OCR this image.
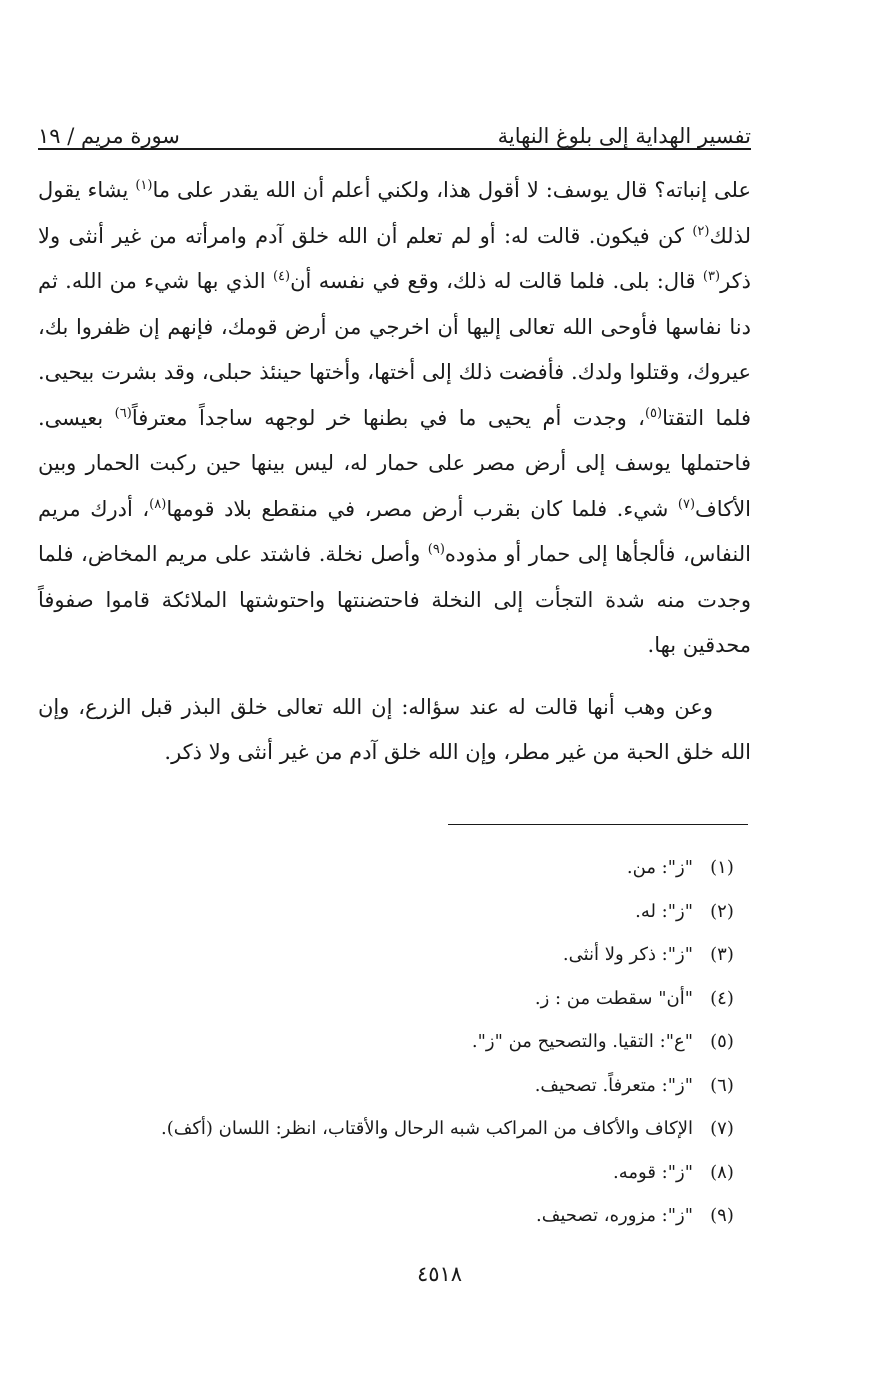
تفسير الهداية إلى بلوغ النهاية
سورة مريم / ١٩

على إنباته؟ قال يوسف: لا أقول هذا، ولكني أعلم أن الله يقدر على ما$^{(١)}$ يشاء يقول لذلك$^{(٢)}$ كن فيكون. قالت له: أو لم تعلم أن الله خلق آدم وامرأته من غير أنثى ولا ذكر$^{(٣)}$ قال: بلى. فلما قالت له ذلك، وقع في نفسه أن$^{(٤)}$ الذي بها شيء من الله. ثم دنا نفاسها فأوحى الله تعالى إليها أن اخرجي من أرض قومك، فإنهم إن ظفروا بك، عيروك، وقتلوا ولدك. فأفضت ذلك إلى أختها، وأختها حينئذ حبلى، وقد بشرت بيحيى. فلما التقتا$^{(٥)}$، وجدت أم يحيى ما في بطنها خر لوجهه ساجداً معترفاً$^{(٦)}$ بعيسى. فاحتملها يوسف إلى أرض مصر على حمار له، ليس بينها حين ركبت الحمار وبين الأكاف$^{(٧)}$ شيء. فلما كان بقرب أرض مصر، في منقطع بلاد قومها$^{(٨)}$، أدرك مريم النفاس، فألجأها إلى حمار أو مذوده$^{(٩)}$ وأصل نخلة. فاشتد على مريم المخاض، فلما وجدت منه شدة التجأت إلى النخلة فاحتضنتها واحتوشتها الملائكة قاموا صفوفاً محدقين بها.

وعن وهب أنها قالت له عند سؤاله: إن الله تعالى خلق البذر قبل الزرع، وإن الله خلق الحبة من غير مطر، وإن الله خلق آدم من غير أنثى ولا ذكر.

(١)
"ز": من.
(٢)
"ز": له.
(٣)
"ز": ذكر ولا أنثى.
(٤)
"أن" سقطت من : ز.
(٥)
"ع": التقيا. والتصحيح من "ز".
(٦)
"ز": متعرفاً. تصحيف.
(٧)
الإكاف والأكاف من المراكب شبه الرحال والأقتاب، انظر: اللسان (أكف).
(٨)
"ز": قومه.
(٩)
"ز": مزوره، تصحيف.
٤٥١٨
